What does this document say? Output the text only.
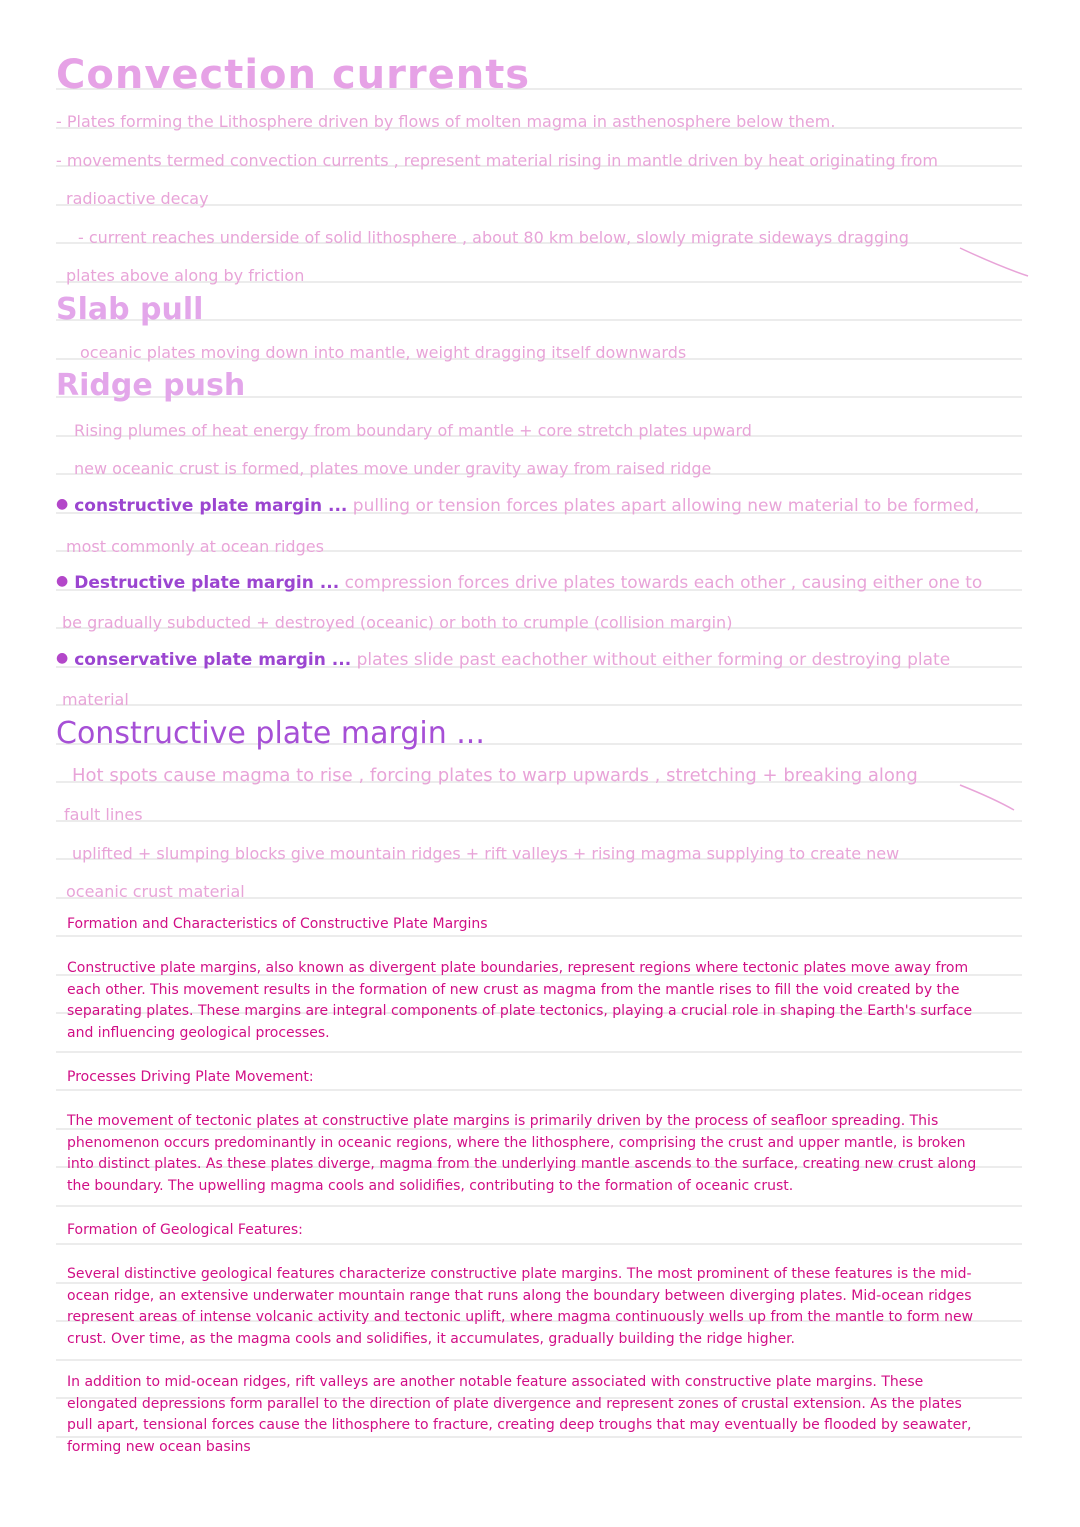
Convection currents
- Plates forming the Lithosphere driven by flows of molten magma in asthenosphere below them.
- movements termed convection currents , represent material rising in mantle driven by heat originating from
radioactive decay
- current reaches underside of solid lithosphere , about 80 km below, slowly migrate sideways dragging
plates above along by friction
Slab pull
oceanic plates moving down into mantle, weight dragging itself downwards
Ridge push
Rising plumes of heat energy from boundary of mantle + core stretch plates upward
new oceanic crust is formed, plates move under gravity away from raised ridge
● constructive plate margin ... pulling or tension forces plates apart allowing new material to be formed,
most commonly at ocean ridges
● Destructive plate margin ... compression forces drive plates towards each other , causing either one to
be gradually subducted + destroyed (oceanic) or both to crumple (collision margin)
● conservative plate margin ... plates slide past eachother without either forming or destroying plate
material
Constructive plate margin ...
Hot spots cause magma to rise , forcing plates to warp upwards , stretching + breaking along
fault lines
uplifted + slumping blocks give mountain ridges + rift valleys + rising magma supplying to create new
oceanic crust material
Formation and Characteristics of Constructive Plate Margins
Constructive plate margins, also known as divergent plate boundaries, represent regions where tectonic plates move away from each other. This movement results in the formation of new crust as magma from the mantle rises to fill the void created by the separating plates. These margins are integral components of plate tectonics, playing a crucial role in shaping the Earth's surface and influencing geological processes.
Processes Driving Plate Movement:
The movement of tectonic plates at constructive plate margins is primarily driven by the process of seafloor spreading. This phenomenon occurs predominantly in oceanic regions, where the lithosphere, comprising the crust and upper mantle, is broken into distinct plates. As these plates diverge, magma from the underlying mantle ascends to the surface, creating new crust along the boundary. The upwelling magma cools and solidifies, contributing to the formation of oceanic crust.
Formation of Geological Features:
Several distinctive geological features characterize constructive plate margins. The most prominent of these features is the mid-ocean ridge, an extensive underwater mountain range that runs along the boundary between diverging plates. Mid-ocean ridges represent areas of intense volcanic activity and tectonic uplift, where magma continuously wells up from the mantle to form new crust. Over time, as the magma cools and solidifies, it accumulates, gradually building the ridge higher.
In addition to mid-ocean ridges, rift valleys are another notable feature associated with constructive plate margins. These elongated depressions form parallel to the direction of plate divergence and represent zones of crustal extension. As the plates pull apart, tensional forces cause the lithosphere to fracture, creating deep troughs that may eventually be flooded by seawater, forming new ocean basins
